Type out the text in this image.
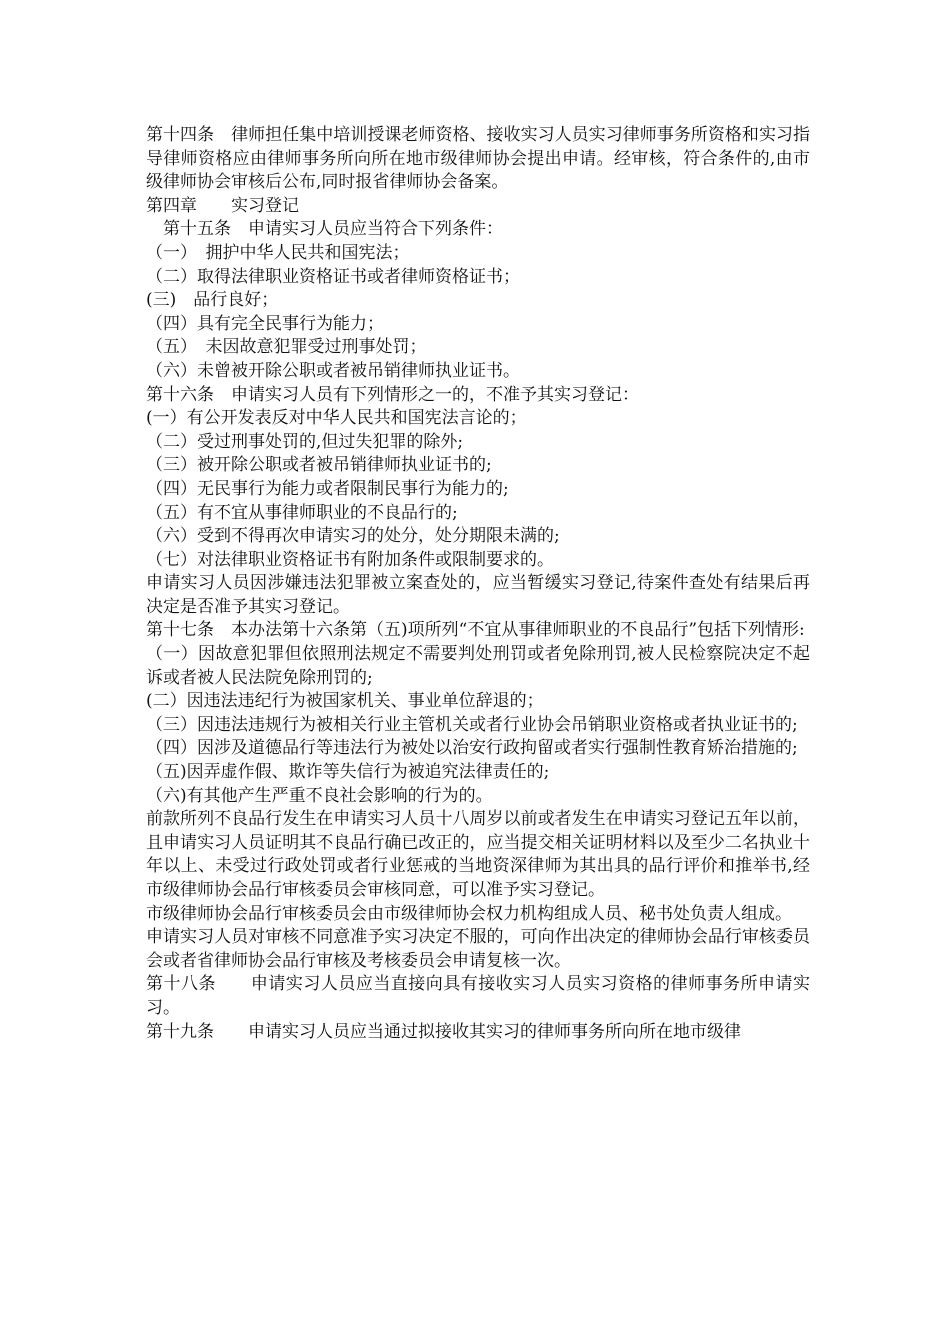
第十四条　律师担任集中培训授课老师资格、接收实习人员实习律师事务所资格和实习指导律师资格应由律师事务所向所在地市级律师协会提出申请。经审核，符合条件的,由市级律师协会审核后公布,同时报省律师协会备案。

第四章　　实习登记

第十五条　申请实习人员应当符合下列条件：

（一）　拥护中华人民共和国宪法；

（二）取得法律职业资格证书或者律师资格证书；

(三)　品行良好；

（四）具有完全民事行为能力；

（五）　未因故意犯罪受过刑事处罚；

（六）未曾被开除公职或者被吊销律师执业证书。

第十六条　申请实习人员有下列情形之一的，不准予其实习登记：

(一）有公开发表反对中华人民共和国宪法言论的；

（二）受过刑事处罚的,但过失犯罪的除外;

（三）被开除公职或者被吊销律师执业证书的;

（四）无民事行为能力或者限制民事行为能力的;

（五）有不宜从事律师职业的不良品行的;

（六）受到不得再次申请实习的处分，处分期限未满的;

（七）对法律职业资格证书有附加条件或限制要求的。

申请实习人员因涉嫌违法犯罪被立案查处的，应当暂缓实习登记,待案件查处有结果后再决定是否准予其实习登记。

第十七条　本办法第十六条第（五)项所列“不宜从事律师职业的不良品行”包括下列情形:

（一）因故意犯罪但依照刑法规定不需要判处刑罚或者免除刑罚,被人民检察院决定不起诉或者被人民法院免除刑罚的;

(二）因违法违纪行为被国家机关、事业单位辞退的；

（三）因违法违规行为被相关行业主管机关或者行业协会吊销职业资格或者执业证书的;

（四）因涉及道德品行等违法行为被处以治安行政拘留或者实行强制性教育矫治措施的;

（五)因弄虚作假、欺诈等失信行为被追究法律责任的;

（六)有其他产生严重不良社会影响的行为的。

前款所列不良品行发生在申请实习人员十八周岁以前或者发生在申请实习登记五年以前，且申请实习人员证明其不良品行确已改正的，应当提交相关证明材料以及至少二名执业十年以上、未受过行政处罚或者行业惩戒的当地资深律师为其出具的品行评价和推举书,经市级律师协会品行审核委员会审核同意，可以准予实习登记。

市级律师协会品行审核委员会由市级律师协会权力机构组成人员、秘书处负责人组成。

申请实习人员对审核不同意准予实习决定不服的，可向作出决定的律师协会品行审核委员会或者省律师协会品行审核及考核委员会申请复核一次。

第十八条　　申请实习人员应当直接向具有接收实习人员实习资格的律师事务所申请实习。

第十九条　　申请实习人员应当通过拟接收其实习的律师事务所向所在地市级律
